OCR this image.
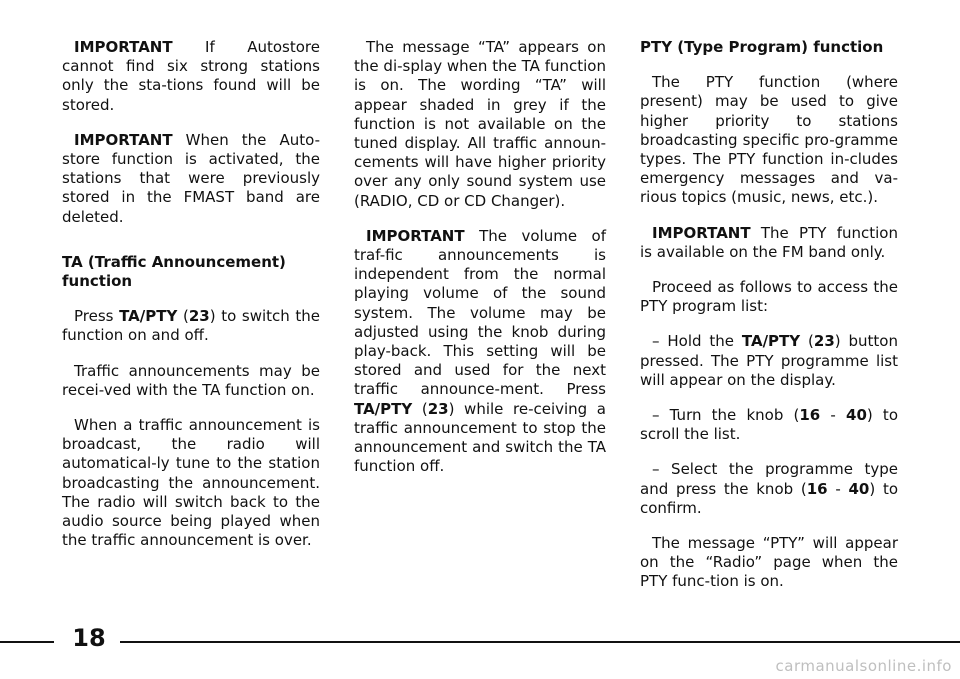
IMPORTANT If Autostore cannot find six strong stations only the sta-tions found will be stored.

IMPORTANT When the Auto-store function is activated, the stations that were previously stored in the FMAST band are deleted.

TA (Traffic Announcement) function

Press TA/PTY (23) to switch the function on and off.

Traffic announcements may be recei-ved with the TA function on.

When a traffic announcement is broadcast, the radio will automatical-ly tune to the station broadcasting the announcement. The radio will switch back to the audio source being played when the traffic announcement is over.

The message “TA” appears on the di-splay when the TA function is on. The wording “TA” will appear shaded in grey if the function is not available on the tuned display. All traffic announ-cements will have higher priority over any only sound system use (RADIO, CD or CD Changer).

IMPORTANT The volume of traf-fic announcements is independent from the normal playing volume of the sound system. The volume may be adjusted using the knob during play-back. This setting will be stored and used for the next traffic announce-ment. Press TA/PTY (23) while re-ceiving a traffic announcement to stop the announcement and switch the TA function off.

PTY (Type Program) function

The PTY function (where present) may be used to give higher priority to stations broadcasting specific pro-gramme types. The PTY function in-cludes emergency messages and va-rious topics (music, news, etc.).

IMPORTANT The PTY function is available on the FM band only.

Proceed as follows to access the PTY program list:

– Hold the TA/PTY (23) button pressed. The PTY programme list will appear on the display.

– Turn the knob (16 - 40) to scroll the list.

– Select the programme type and press the knob (16 - 40) to confirm.

The message “PTY” will appear on the “Radio” page when the PTY func-tion is on.

18
carmanualsonline.info
